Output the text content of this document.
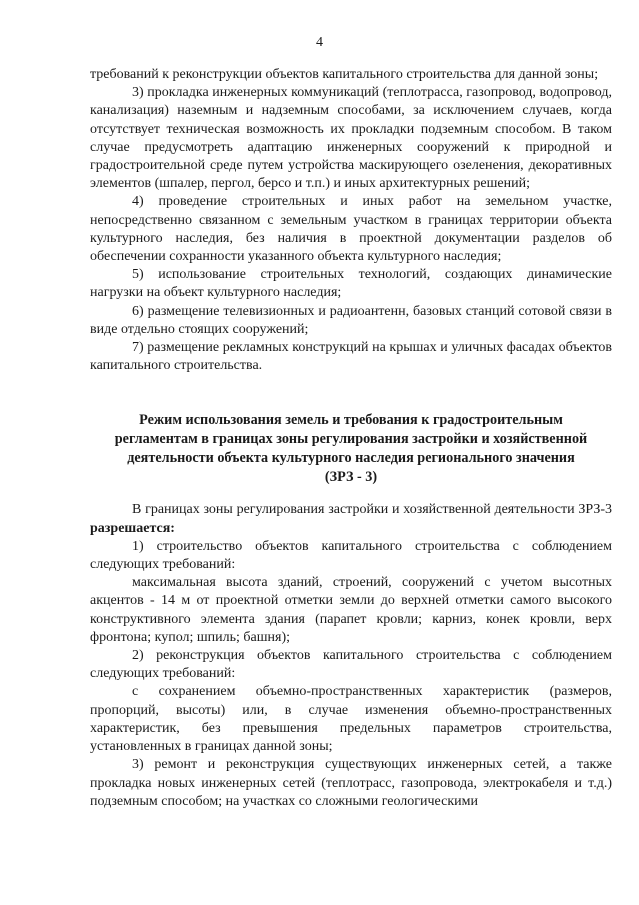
4

требований к реконструкции объектов капитального строительства для данной зоны;

3) прокладка инженерных коммуникаций (теплотрасса, газопровод, водопровод, канализация) наземным и надземным способами, за исключением случаев, когда отсутствует техническая возможность их прокладки подземным способом. В таком случае предусмотреть адаптацию инженерных сооружений к природной и градостроительной среде путем устройства маскирующего озеленения, декоративных элементов (шпалер, пергол, берсо и т.п.) и иных архитектурных решений;

4) проведение строительных и иных работ на земельном участке, непосредственно связанном с земельным участком в границах территории объекта культурного наследия, без наличия в проектной документации разделов об обеспечении сохранности указанного объекта культурного наследия;

5) использование строительных технологий, создающих динамические нагрузки на объект культурного наследия;

6) размещение телевизионных и радиоантенн, базовых станций сотовой связи в виде отдельно стоящих сооружений;

7) размещение рекламных конструкций на крышах и уличных фасадах объектов капитального строительства.

Режим использования земель и требования к градостроительным
регламентам в границах зоны регулирования застройки и хозяйственной
деятельности объекта культурного наследия регионального значения
(ЗРЗ - 3)

В границах зоны регулирования застройки и хозяйственной деятельности ЗРЗ-3 разрешается:

1) строительство объектов капитального строительства с соблюдением следующих требований:

максимальная высота зданий, строений, сооружений с учетом высотных акцентов - 14 м от проектной отметки земли до верхней отметки самого высокого конструктивного элемента здания (парапет кровли; карниз, конек кровли, верх фронтона; купол; шпиль; башня);

2) реконструкция объектов капитального строительства с соблюдением следующих требований:

с сохранением объемно-пространственных характеристик (размеров, пропорций, высоты) или, в случае изменения объемно-пространственных характеристик, без превышения предельных параметров строительства, установленных в границах данной зоны;

3) ремонт и реконструкция существующих инженерных сетей, а также прокладка новых инженерных сетей (теплотрасс, газопровода, электрокабеля и т.д.) подземным способом; на участках со сложными геологическими
